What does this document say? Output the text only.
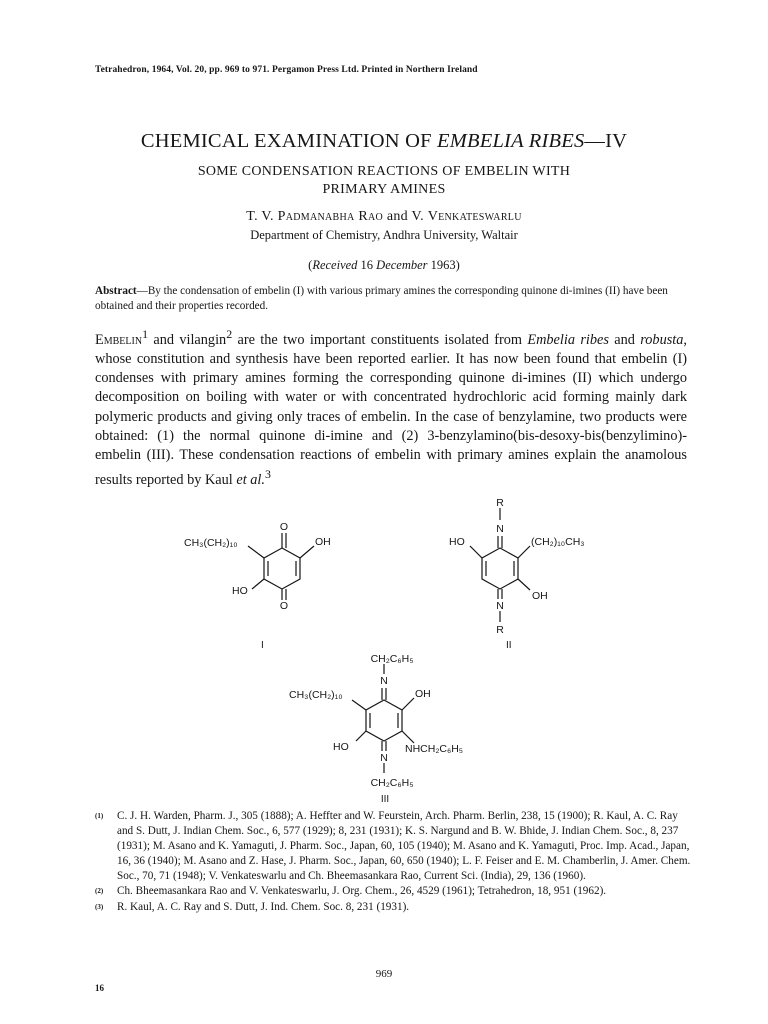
Tetrahedron, 1964, Vol. 20, pp. 969 to 971. Pergamon Press Ltd. Printed in Northern Ireland
CHEMICAL EXAMINATION OF EMBELIA RIBES—IV
SOME CONDENSATION REACTIONS OF EMBELIN WITH
PRIMARY AMINES
T. V. Padmanabha Rao and V. Venkateswarlu
Department of Chemistry, Andhra University, Waltair
(Received 16 December 1963)
Abstract—By the condensation of embelin (I) with various primary amines the corresponding quinone di-imines (II) have been obtained and their properties recorded.
Embelin$^1$ and vilangin$^2$ are the two important constituents isolated from Embelia ribes and robusta, whose constitution and synthesis have been reported earlier. It has now been found that embelin (I) condenses with primary amines forming the corresponding quinone di-imines (II) which undergo decomposition on boiling with water or with concentrated hydrochloric acid forming mainly dark polymeric products and giving only traces of embelin. In the case of benzylamine, two products were obtained: (1) the normal quinone di-imine and (2) 3-benzylamino(bis-desoxy-bis(benzylimino)-embelin (III). These condensation reactions of embelin with primary amines explain the anamolous results reported by Kaul et al.$^3$
O
CH₃(CH₂)₁₀	OH
HO
O
I
R
N
HO	(CH₂)₁₀CH₃
OH
N
R
II
CH₂C₆H₅
N
CH₃(CH₂)₁₀	OH
HO	NHCH₂C₆H₅
N
CH₂C₆H₅
III
(1) C. J. H. Warden, Pharm. J., 305 (1888); A. Heffter and W. Feurstein, Arch. Pharm. Berlin, 238, 15 (1900); R. Kaul, A. C. Ray and S. Dutt, J. Indian Chem. Soc., 6, 577 (1929); 8, 231 (1931); K. S. Nargund and B. W. Bhide, J. Indian Chem. Soc., 8, 237 (1931); M. Asano and K. Yamaguti, J. Pharm. Soc., Japan, 60, 105 (1940); M. Asano and K. Yamaguti, Proc. Imp. Acad., Japan, 16, 36 (1940); M. Asano and Z. Hase, J. Pharm. Soc., Japan, 60, 650 (1940); L. F. Feiser and E. M. Chamberlin, J. Amer. Chem. Soc., 70, 71 (1948); V. Venkateswarlu and Ch. Bheemasankara Rao, Current Sci. (India), 29, 136 (1960).
(2) Ch. Bheemasankara Rao and V. Venkateswarlu, J. Org. Chem., 26, 4529 (1961); Tetrahedron, 18, 951 (1962).
(3) R. Kaul, A. C. Ray and S. Dutt, J. Ind. Chem. Soc. 8, 231 (1931).
969
16
